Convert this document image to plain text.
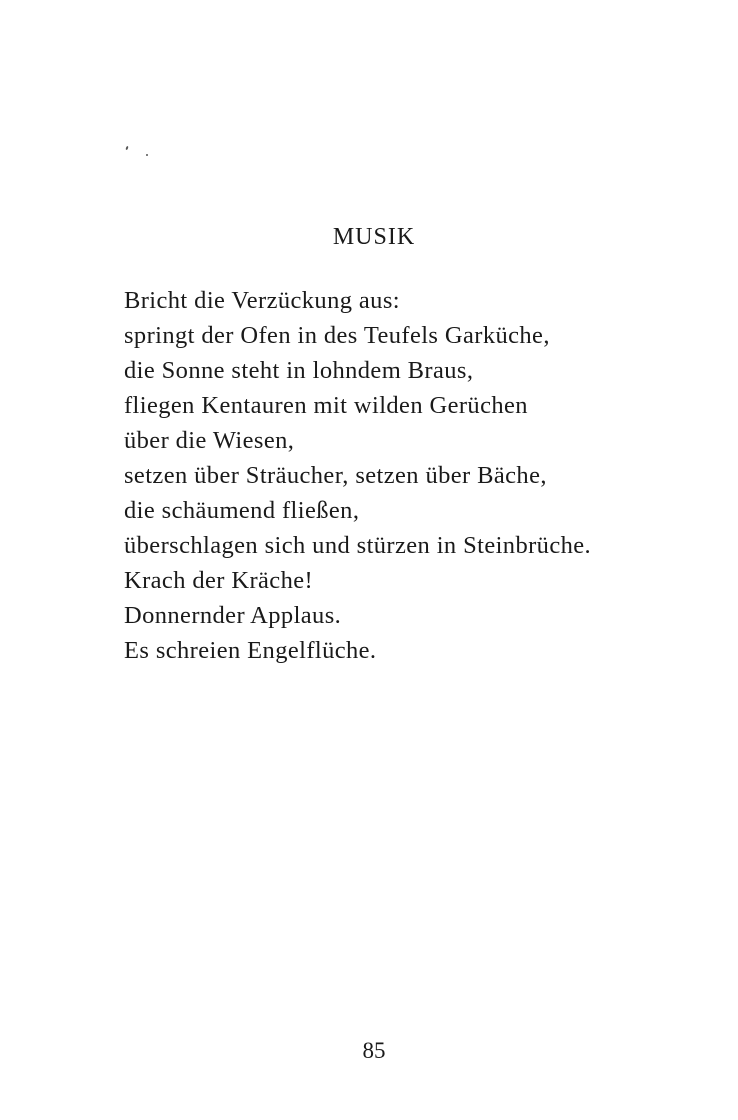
MUSIK
Bricht die Verzückung aus:
springt der Ofen in des Teufels Garküche,
die Sonne steht in lohndem Braus,
fliegen Kentauren mit wilden Gerüchen
über die Wiesen,
setzen über Sträucher, setzen über Bäche,
die schäumend fließen,
überschlagen sich und stürzen in Steinbrüche.
Krach der Kräche!
Donnernder Applaus.
Es schreien Engelflüche.
85
